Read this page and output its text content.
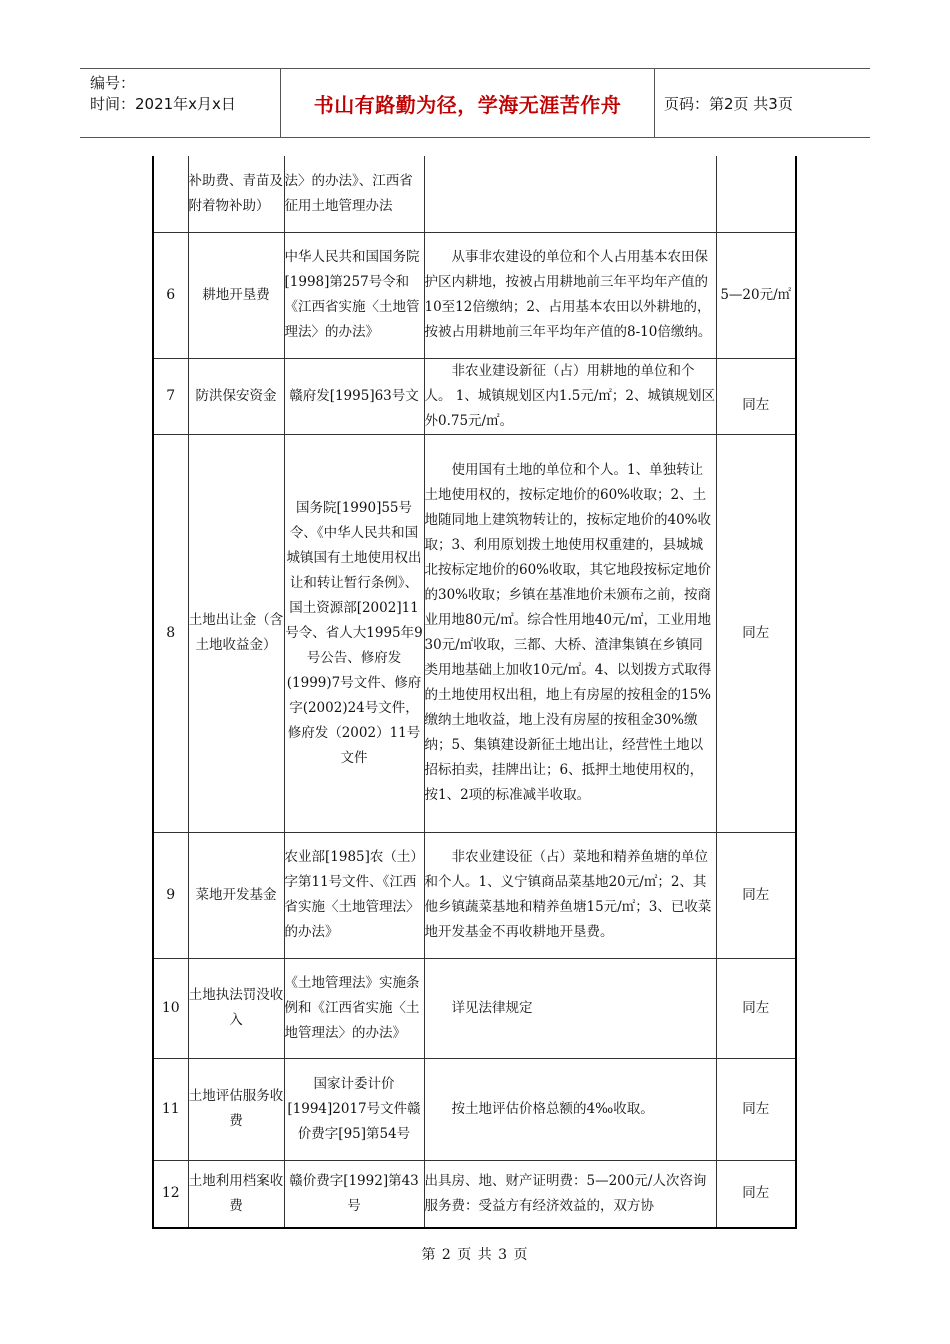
编号：
时间：2021年x月x日	书山有路勤为径，学海无涯苦作舟	页码：第2页 共3页
	补助费、青苗及附着物补助）	法〉的办法》、江西省征用土地管理办法		
6	耕地开垦费	中华人民共和国国务院[1998]第257号令和《江西省实施〈土地管理法〉的办法》	从事非农建设的单位和个人占用基本农田保护区内耕地，按被占用耕地前三年平均年产值的10至12倍缴纳；2、占用基本农田以外耕地的，按被占用耕地前三年平均年产值的8-10倍缴纳。	5—20元/㎡
7	防洪保安资金	赣府发[1995]63号文	非农业建设新征（占）用耕地的单位和个人。 1、城镇规划区内1.5元/㎡；2、城镇规划区外0.75元/㎡。	同左
8	土地出让金（含土地收益金）	国务院[1990]55号令、《中华人民共和国城镇国有土地使用权出让和转让暂行条例》、国土资源部[2002]11号令、省人大1995年9号公告、修府发(1999)7号文件、修府字(2002)24号文件，修府发（2002）11号文件	使用国有土地的单位和个人。1、单独转让土地使用权的，按标定地价的60%收取；2、土地随同地上建筑物转让的，按标定地价的40%收取；3、利用原划拨土地使用权重建的，县城城北按标定地价的60%收取，其它地段按标定地价的30%收取；乡镇在基准地价未颁布之前，按商业用地80元/㎡。综合性用地40元/㎡，工业用地30元/㎡收取，三都、大桥、渣津集镇在乡镇同类用地基础上加收10元/㎡。4、以划拨方式取得的土地使用权出租，地上有房屋的按租金的15%缴纳土地收益，地上没有房屋的按租金30%缴纳；5、集镇建设新征土地出让，经营性土地以招标拍卖，挂牌出让；6、抵押土地使用权的，按1、2项的标准减半收取。	同左
9	菜地开发基金	农业部[1985]农（土）字第11号文件、《江西省实施〈土地管理法〉的办法》	非农业建设征（占）菜地和精养鱼塘的单位和个人。1、义宁镇商品菜基地20元/㎡；2、其他乡镇蔬菜基地和精养鱼塘15元/㎡；3、已收菜地开发基金不再收耕地开垦费。	同左
10	土地执法罚没收入	《土地管理法》实施条例和《江西省实施〈土地管理法〉的办法》	详见法律规定	同左
11	土地评估服务收费	国家计委计价[1994]2017号文件赣价费字[95]第54号	按土地评估价格总额的4‰收取。	同左
12	土地利用档案收费	赣价费字[1992]第43号	出具房、地、财产证明费：5—200元/人次咨询服务费：受益方有经济效益的，双方协	同左
第 2 页 共 3 页
